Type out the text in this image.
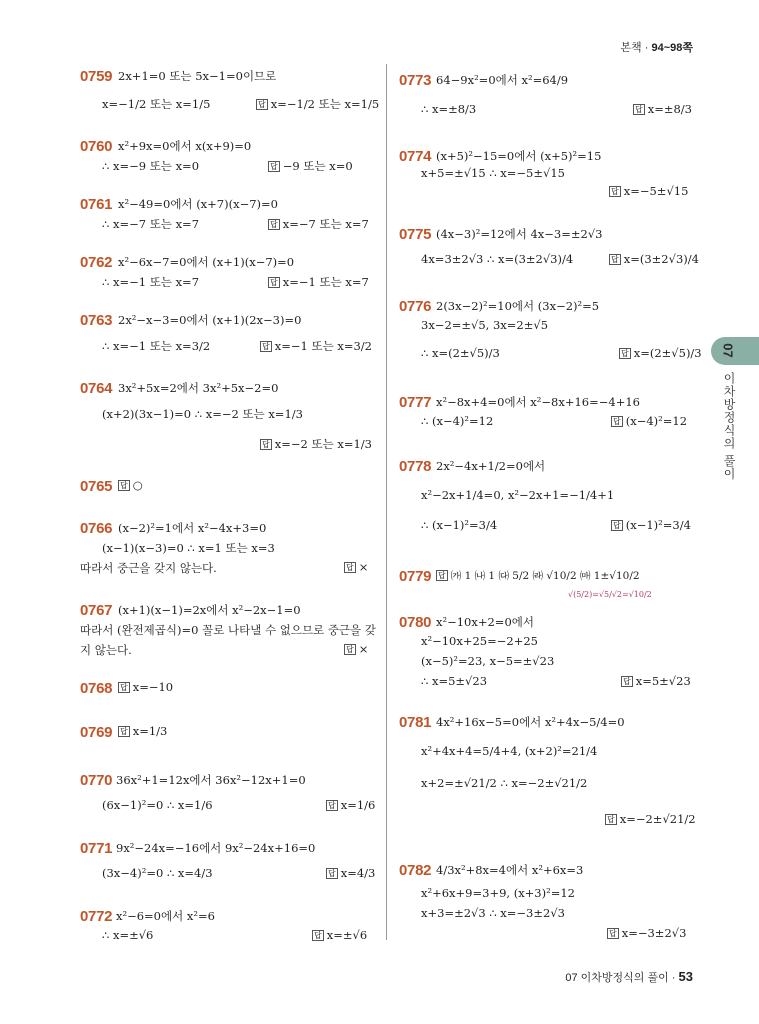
본책 · 94~98쪽
0759 2x+1=0 또는 5x−1=0이므로
x=−1/2 또는 x=1/5	답 x=−1/2 또는 x=1/5
0760 x²+9x=0에서 x(x+9)=0
∴ x=−9 또는 x=0	답 −9 또는 x=0
0761 x²−49=0에서 (x+7)(x−7)=0
∴ x=−7 또는 x=7	답 x=−7 또는 x=7
0762 x²−6x−7=0에서 (x+1)(x−7)=0
∴ x=−1 또는 x=7	답 x=−1 또는 x=7
0763 2x²−x−3=0에서 (x+1)(2x−3)=0
∴ x=−1 또는 x=3/2	답 x=−1 또는 x=3/2
0764 3x²+5x=2에서 3x²+5x−2=0
(x+2)(3x−1)=0 ∴ x=−2 또는 x=1/3
답 x=−2 또는 x=1/3
0765 답 ○
0766 (x−2)²=1에서 x²−4x+3=0
(x−1)(x−3)=0 ∴ x=1 또는 x=3
따라서 중근을 갖지 않는다.	답 ×
0767 (x+1)(x−1)=2x에서 x²−2x−1=0
따라서 (완전제곱식)=0 꼴로 나타낼 수 없으므로 중근을 갖
지 않는다.	답 ×
0768 답 x=−10
0769 답 x=1/3
0770 36x²+1=12x에서 36x²−12x+1=0
(6x−1)²=0 ∴ x=1/6	답 x=1/6
0771 9x²−24x=−16에서 9x²−24x+16=0
(3x−4)²=0 ∴ x=4/3	답 x=4/3
0772 x²−6=0에서 x²=6
∴ x=±√6	답 x=±√6
0773 64−9x²=0에서 x²=64/9
∴ x=±8/3	답 x=±8/3
0774 (x+5)²−15=0에서 (x+5)²=15
x+5=±√15 ∴ x=−5±√15
답 x=−5±√15
0775 (4x−3)²=12에서 4x−3=±2√3
4x=3±2√3 ∴ x=(3±2√3)/4	답 x=(3±2√3)/4
0776 2(3x−2)²=10에서 (3x−2)²=5
3x−2=±√5, 3x=2±√5
∴ x=(2±√5)/3	답 x=(2±√5)/3
0777 x²−8x+4=0에서 x²−8x+16=−4+16
∴ (x−4)²=12	답 (x−4)²=12
0778 2x²−4x+1/2=0에서
x²−2x+1/4=0, x²−2x+1=−1/4+1
∴ (x−1)²=3/4	답 (x−1)²=3/4
0779 답 ㈎ 1 ㈏ 1 ㈐ 5/2 ㈑ √10/2 ㈒ 1±√10/2
√(5/2)=√5/√2=√10/2
0780 x²−10x+2=0에서
x²−10x+25=−2+25
(x−5)²=23, x−5=±√23
∴ x=5±√23	답 x=5±√23
0781 4x²+16x−5=0에서 x²+4x−5/4=0
x²+4x+4=5/4+4, (x+2)²=21/4
x+2=±√21/2 ∴ x=−2±√21/2
답 x=−2±√21/2
0782 4/3x²+8x=4에서 x²+6x=3
x²+6x+9=3+9, (x+3)²=12
x+3=±2√3 ∴ x=−3±2√3
답 x=−3±2√3
07
이차방정식의 풀이
07 이차방정식의 풀이 · 53
